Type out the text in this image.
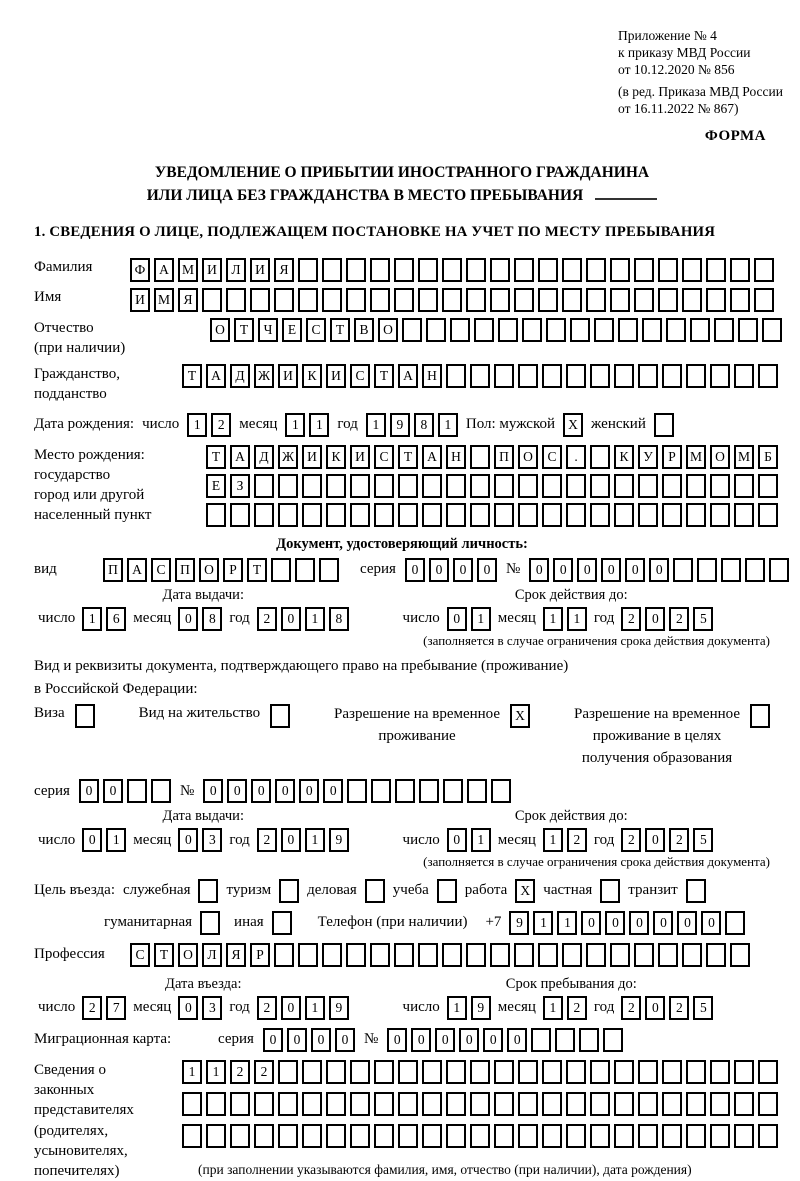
Приложение № 4
к приказу МВД России
от 10.12.2020 № 856
(в ред. Приказа МВД России
от 16.11.2022 № 867)
ФОРМА
УВЕДОМЛЕНИЕ О ПРИБЫТИИ ИНОСТРАННОГО ГРАЖДАНИНА
ИЛИ ЛИЦА БЕЗ ГРАЖДАНСТВА В МЕСТО ПРЕБЫВАНИЯ
1. СВЕДЕНИЯ О ЛИЦЕ, ПОДЛЕЖАЩЕМ ПОСТАНОВКЕ НА УЧЕТ ПО МЕСТУ ПРЕБЫВАНИЯ
Фамилия	Ф	А М И	Л	И	Я
Имя	И М Я
Отчество
(при наличии)
О	Т	Ч	Е	С	Т	В	О
Гражданство,
подданство
Т	А	Д Ж И	К	И	С	Т	А	Н
Дата рождения: число	1	2 месяц	1	1 год	1	9	8	1 Пол: мужской X женский
Место рождения:
государство
город или другой
населенный пункт
Т	А	Д Ж И	К	И	С	Т	А	Н	П	О	С	.	К	У	Р	М О М	Б
Е	З
Документ, удостоверяющий личность:
вид	П	А	С	П	О	Р	Т	серия	0	0	0	0	№	0	0	0	0	0	0
Дата выдачи:
число	1	6 месяц	0	8 год	2	0	1	8
Срок действия до:
число	0	1 месяц	1	1 год	2	0	2	5
(заполняется в случае ограничения срока действия документа)
Вид и реквизиты документа, подтверждающего право на пребывание (проживание)
в Российской Федерации:
Виза	Вид на жительство	Разрешение на временное
проживание
X	Разрешение на временное
проживание в целях
получения образования
серия	0	0	№	0	0	0	0	0	0
Дата выдачи:
число	0	1 месяц	0	3 год	2	0	1	9
Срок действия до:
число	0	1 месяц	1	2 год	2	0	2	5
(заполняется в случае ограничения срока действия документа)
Цель въезда: служебная туризм деловая учеба работа X частная транзит
гуманитарная	иная	Телефон (при наличии) +7	9	1	1	0	0	0	0	0	0
Профессия	С	Т	О	Л	Я	Р
Дата въезда:
число	2	7 месяц	0	3 год	2	0	1	9
Срок пребывания до:
число	1	9 месяц	1	2 год	2	0	2	5
Миграционная карта:	серия	0	0	0	0	№	0	0	0	0	0	0
Сведения о
законных
представителях
(родителях,
усыновителях,
попечителях)
1	1	2	2
(при заполнении указываются фамилия, имя, отчество (при наличии), дата рождения)
